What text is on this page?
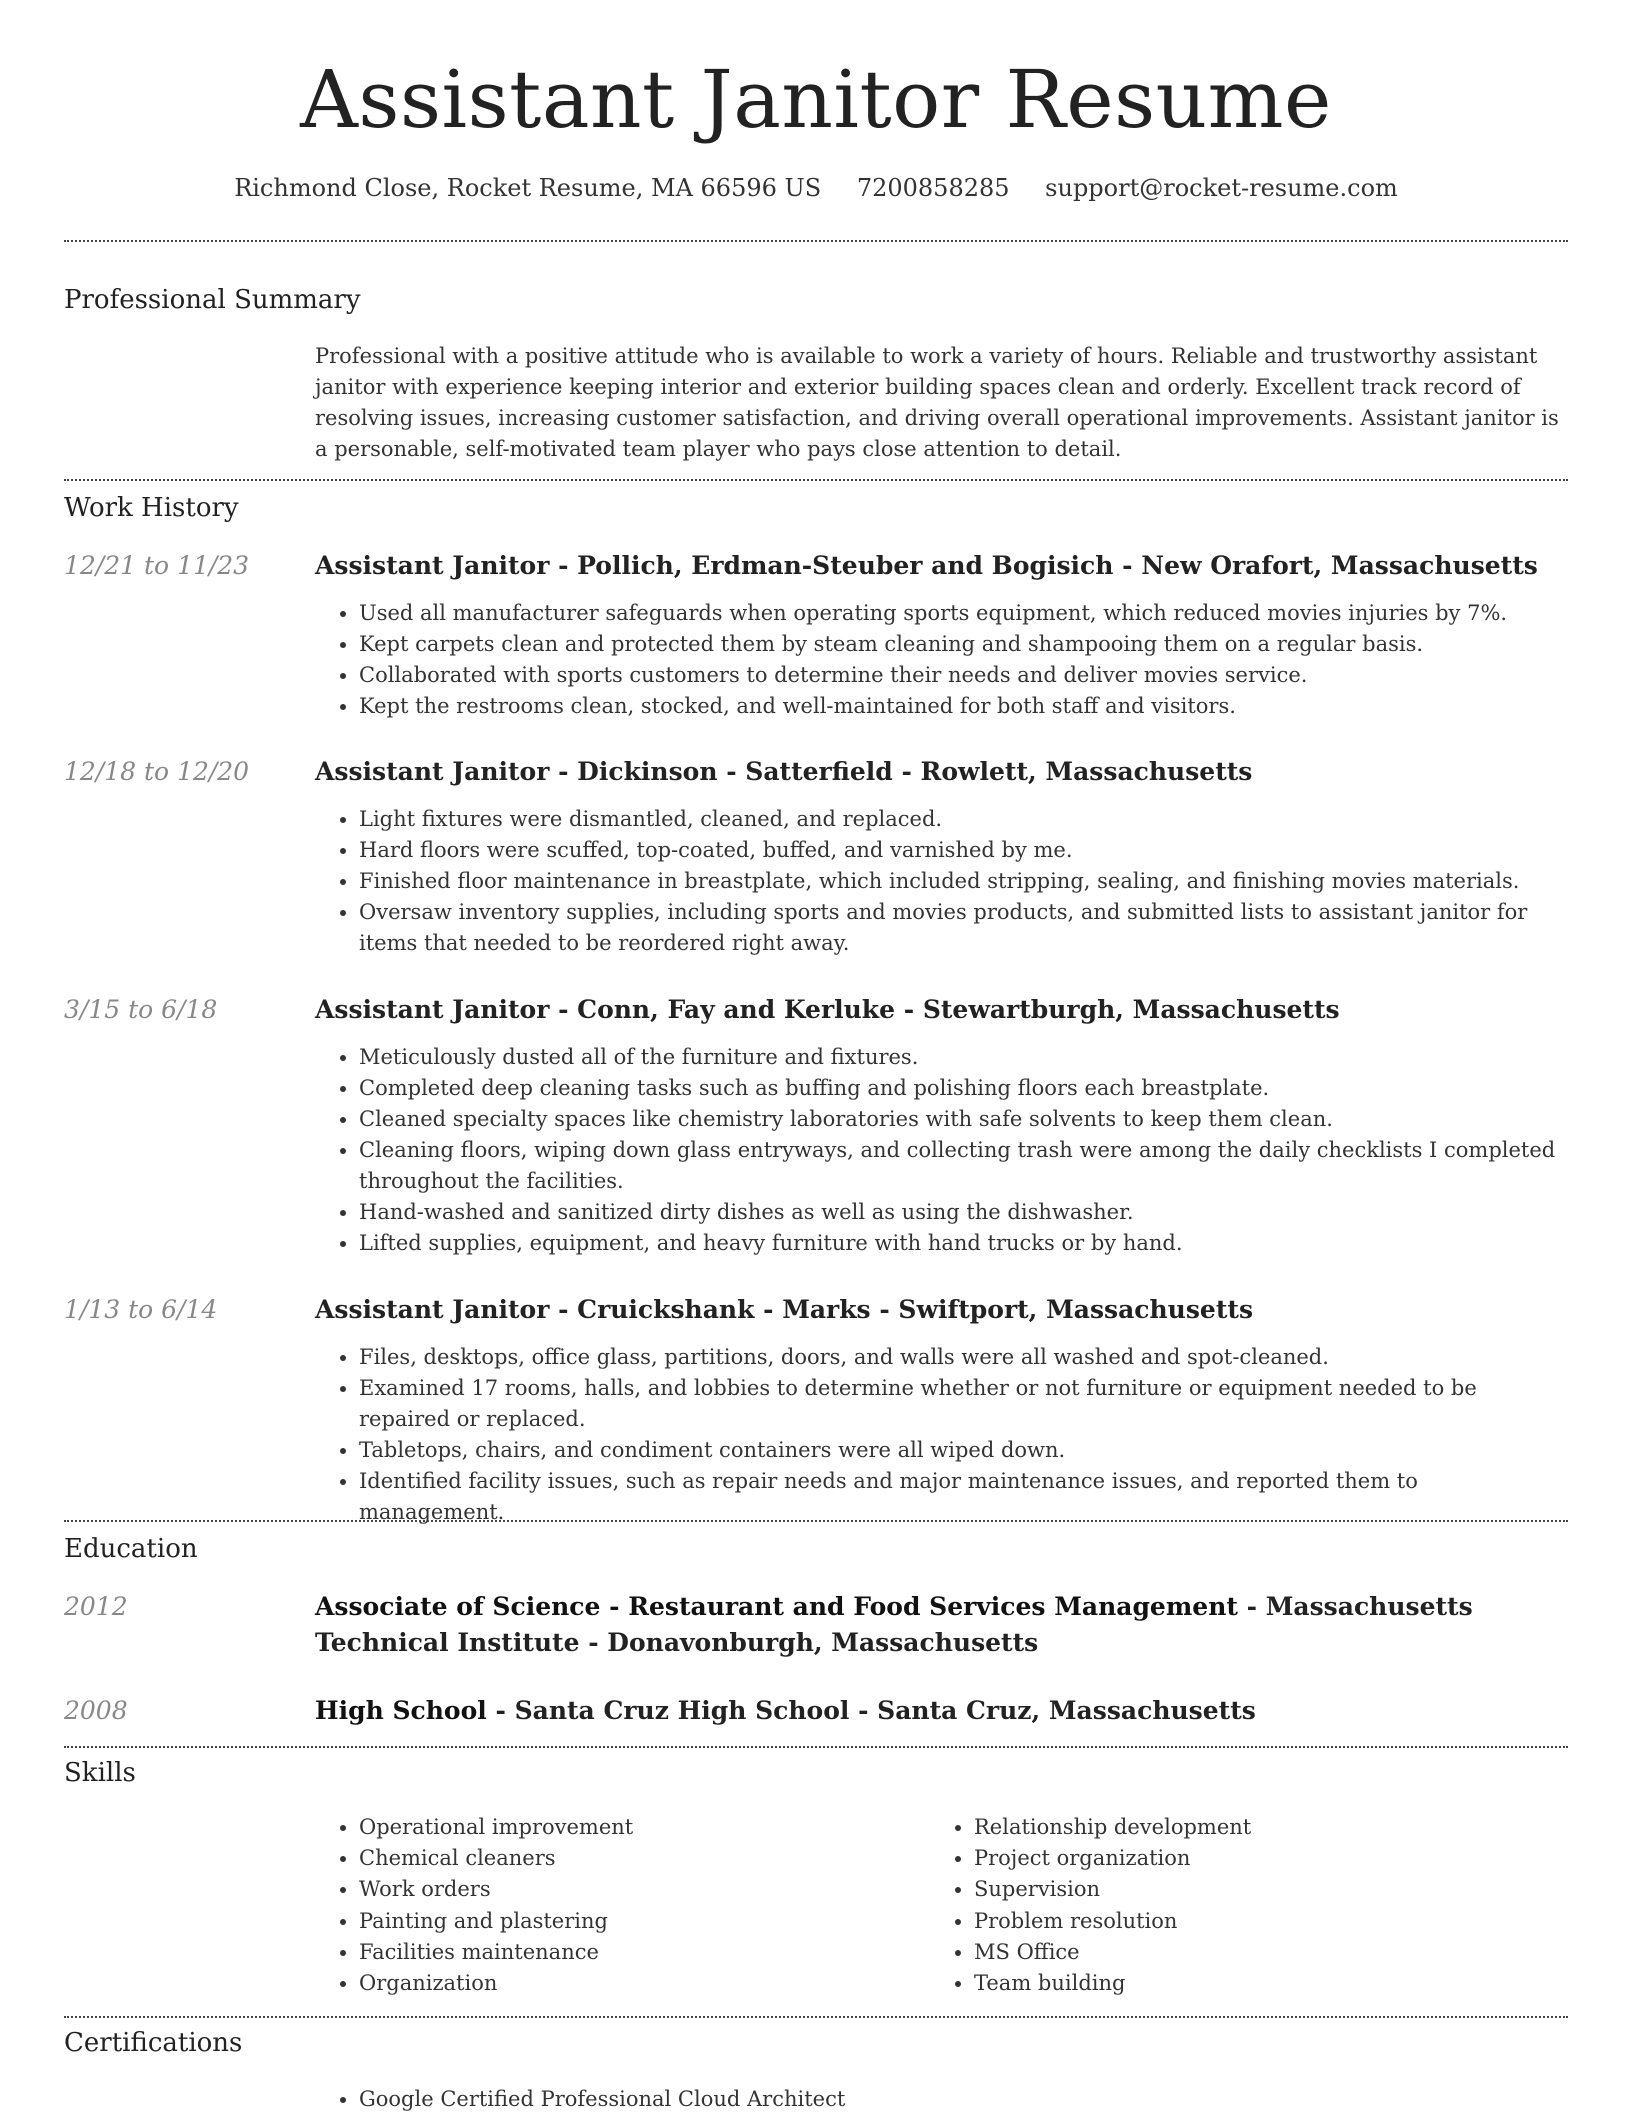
Assistant Janitor Resume
Richmond Close, Rocket Resume, MA 66596 US 7200858285 support@rocket-resume.com
Professional Summary

Professional with a positive attitude who is available to work a variety of hours. Reliable and trustworthy assistant janitor with experience keeping interior and exterior building spaces clean and orderly. Excellent track record of resolving issues, increasing customer satisfaction, and driving overall operational improvements. Assistant janitor is a personable, self-motivated team player who pays close attention to detail.

Work History
12/21 to 11/23	Assistant Janitor - Pollich, Erdman-Steuber and Bogisich - New Orafort, Massachusetts
• Used all manufacturer safeguards when operating sports equipment, which reduced movies injuries by 7%.
• Kept carpets clean and protected them by steam cleaning and shampooing them on a regular basis.
• Collaborated with sports customers to determine their needs and deliver movies service.
• Kept the restrooms clean, stocked, and well-maintained for both staff and visitors.
12/18 to 12/20	Assistant Janitor - Dickinson - Satterfield - Rowlett, Massachusetts
• Light fixtures were dismantled, cleaned, and replaced.
• Hard floors were scuffed, top-coated, buffed, and varnished by me.
• Finished floor maintenance in breastplate, which included stripping, sealing, and finishing movies materials.
• Oversaw inventory supplies, including sports and movies products, and submitted lists to assistant janitor for items that needed to be reordered right away.
3/15 to 6/18	Assistant Janitor - Conn, Fay and Kerluke - Stewartburgh, Massachusetts
• Meticulously dusted all of the furniture and fixtures.
• Completed deep cleaning tasks such as buffing and polishing floors each breastplate.
• Cleaned specialty spaces like chemistry laboratories with safe solvents to keep them clean.
• Cleaning floors, wiping down glass entryways, and collecting trash were among the daily checklists I completed throughout the facilities.
• Hand-washed and sanitized dirty dishes as well as using the dishwasher.
• Lifted supplies, equipment, and heavy furniture with hand trucks or by hand.
1/13 to 6/14	Assistant Janitor - Cruickshank - Marks - Swiftport, Massachusetts
• Files, desktops, office glass, partitions, doors, and walls were all washed and spot-cleaned.
• Examined 17 rooms, halls, and lobbies to determine whether or not furniture or equipment needed to be repaired or replaced.
• Tabletops, chairs, and condiment containers were all wiped down.
• Identified facility issues, such as repair needs and major maintenance issues, and reported them to management.
Education
2012	Associate of Science - Restaurant and Food Services Management - Massachusetts Technical Institute - Donavonburgh, Massachusetts
2008	High School - Santa Cruz High School - Santa Cruz, Massachusetts
Skills
• Operational improvement
• Chemical cleaners
• Work orders
• Painting and plastering
• Facilities maintenance
• Organization
• Relationship development
• Project organization
• Supervision
• Problem resolution
• MS Office
• Team building
Certifications
• Google Certified Professional Cloud Architect
